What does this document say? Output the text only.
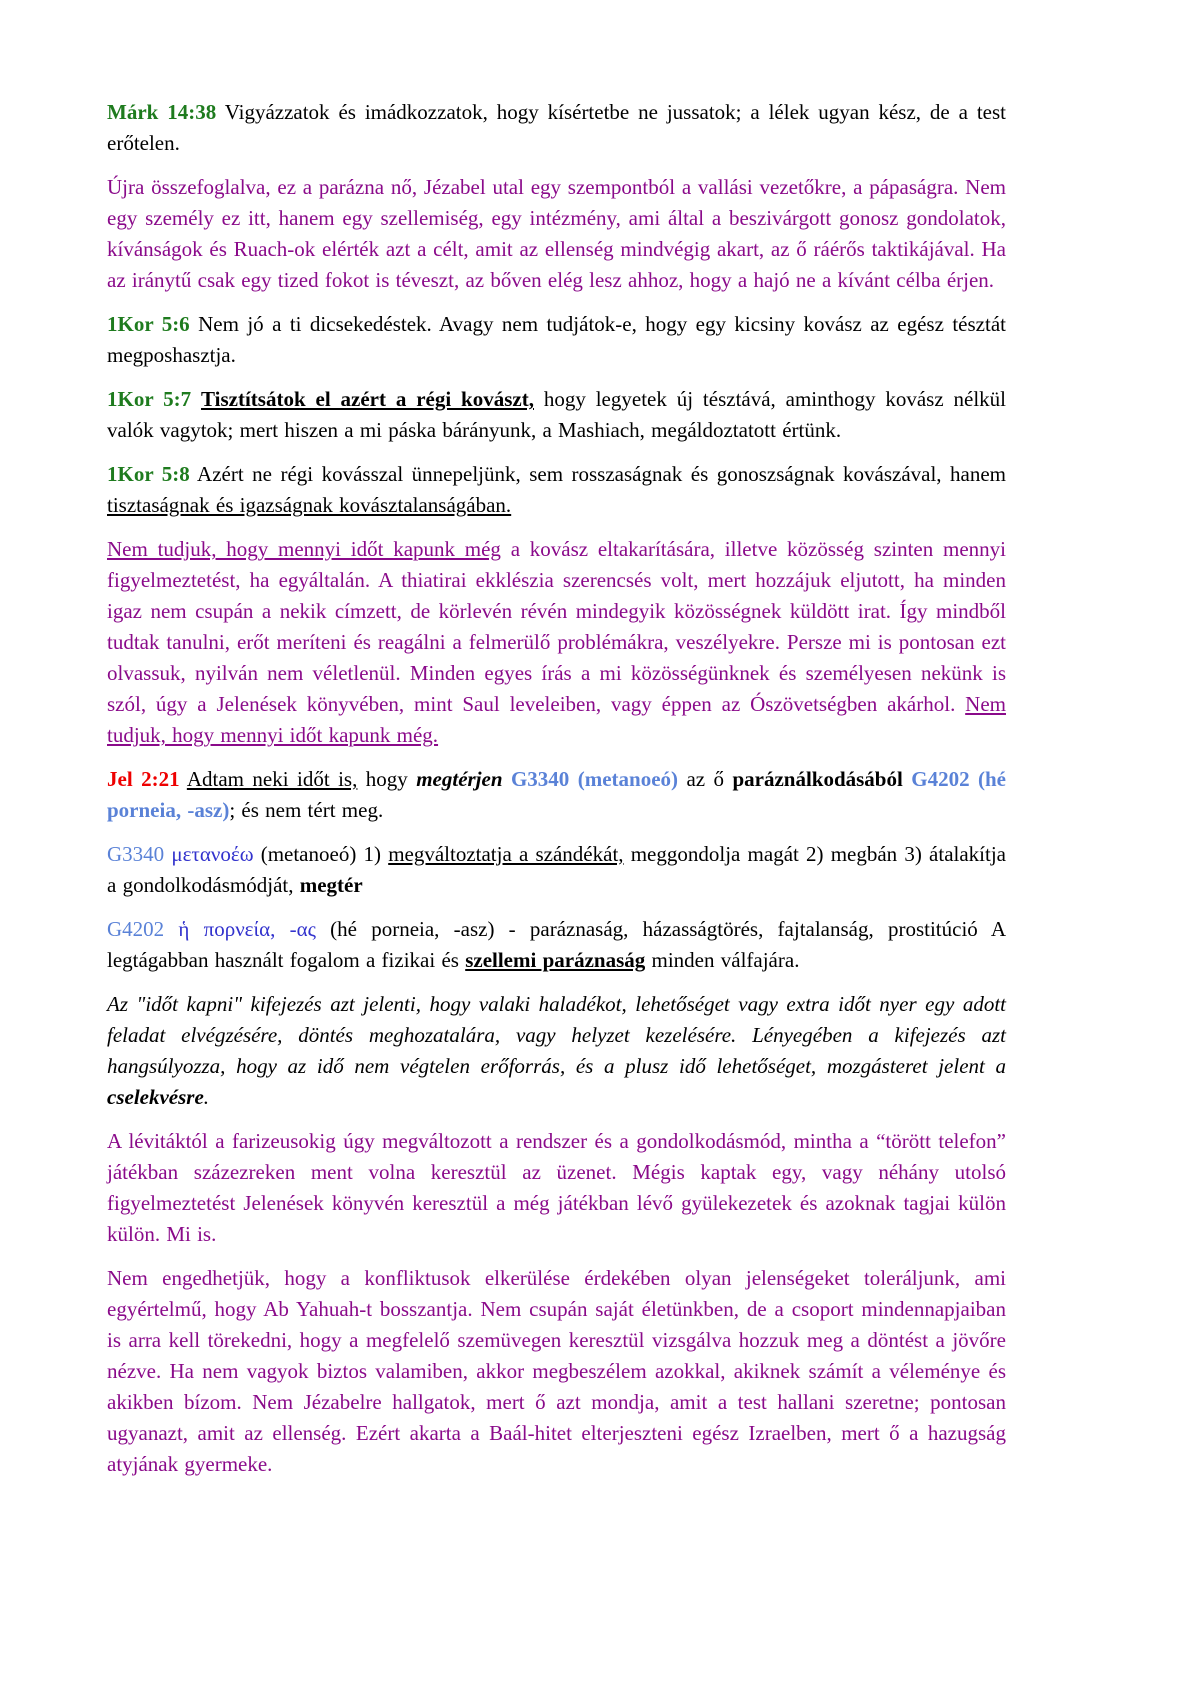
Márk 14:38 Vigyázzatok és imádkozzatok, hogy kísértetbe ne jussatok; a lélek ugyan kész, de a test erőtelen.

Újra összefoglalva, ez a parázna nő, Jézabel utal egy szempontból a vallási vezetőkre, a pápaságra. Nem egy személy ez itt, hanem egy szellemiség, egy intézmény, ami által a beszivárgott gonosz gondolatok, kívánságok és Ruach-ok elérték azt a célt, amit az ellenség mindvégig akart, az ő ráérős taktikájával. Ha az iránytű csak egy tized fokot is téveszt, az bőven elég lesz ahhoz, hogy a hajó ne a kívánt célba érjen.

1Kor 5:6 Nem jó a ti dicsekedéstek. Avagy nem tudjátok-e, hogy egy kicsiny kovász az egész tésztát megposhasztja.

1Kor 5:7 Tisztítsátok el azért a régi kovászt, hogy legyetek új tésztává, aminthogy kovász nélkül valók vagytok; mert hiszen a mi páska bárányunk, a Mashiach, megáldoztatott értünk.

1Kor 5:8 Azért ne régi kovásszal ünnepeljünk, sem rosszaságnak és gonoszságnak kovászával, hanem tisztaságnak és igazságnak kovásztalanságában.

Nem tudjuk, hogy mennyi időt kapunk még a kovász eltakarítására, illetve közösség szinten mennyi figyelmeztetést, ha egyáltalán. A thiatirai ekklészia szerencsés volt, mert hozzájuk eljutott, ha minden igaz nem csupán a nekik címzett, de körlevén révén mindegyik közösségnek küldött irat. Így mindből tudtak tanulni, erőt meríteni és reagálni a felmerülő problémákra, veszélyekre. Persze mi is pontosan ezt olvassuk, nyilván nem véletlenül. Minden egyes írás a mi közösségünknek és személyesen nekünk is szól, úgy a Jelenések könyvében, mint Saul leveleiben, vagy éppen az Ószövetségben akárhol. Nem tudjuk, hogy mennyi időt kapunk még.

Jel 2:21 Adtam neki időt is, hogy megtérjen G3340 (metanoeó) az ő paráználkodásából G4202 (hé porneia, -asz); és nem tért meg.

G3340 μετανοέω (metanoeó) 1) megváltoztatja a szándékát, meggondolja magát 2) megbán 3) átalakítja a gondolkodásmódját, megtér

G4202 ἡ πορνεία, -ας (hé porneia, -asz) - paráznaság, házasságtörés, fajtalanság, prostitúció A legtágabban használt fogalom a fizikai és szellemi paráznaság minden válfajára.

Az "időt kapni" kifejezés azt jelenti, hogy valaki haladékot, lehetőséget vagy extra időt nyer egy adott feladat elvégzésére, döntés meghozatalára, vagy helyzet kezelésére. Lényegében a kifejezés azt hangsúlyozza, hogy az idő nem végtelen erőforrás, és a plusz idő lehetőséget, mozgásteret jelent a cselekvésre.

A lévitáktól a farizeusokig úgy megváltozott a rendszer és a gondolkodásmód, mintha a “törött telefon” játékban százezreken ment volna keresztül az üzenet. Mégis kaptak egy, vagy néhány utolsó figyelmeztetést Jelenések könyvén keresztül a még játékban lévő gyülekezetek és azoknak tagjai külön külön. Mi is.

Nem engedhetjük, hogy a konfliktusok elkerülése érdekében olyan jelenségeket toleráljunk, ami egyértelmű, hogy Ab Yahuah-t bosszantja. Nem csupán saját életünkben, de a csoport mindennapjaiban is arra kell törekedni, hogy a megfelelő szemüvegen keresztül vizsgálva hozzuk meg a döntést a jövőre nézve. Ha nem vagyok biztos valamiben, akkor megbeszélem azokkal, akiknek számít a véleménye és akikben bízom. Nem Jézabelre hallgatok, mert ő azt mondja, amit a test hallani szeretne; pontosan ugyanazt, amit az ellenség. Ezért akarta a Baál-hitet elterjeszteni egész Izraelben, mert ő a hazugság atyjának gyermeke.
